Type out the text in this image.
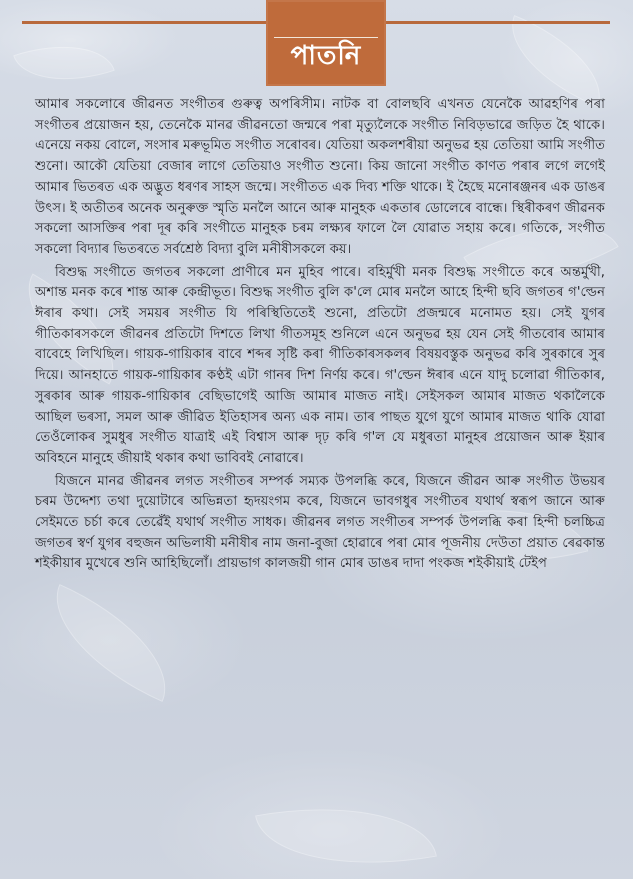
পাতনি

আমাৰ সকলোৰে জীৱনত সংগীতৰ গুৰুত্ব অপৰিসীম। নাটক বা বোলছবি এখনত যেনেকৈ আৱহণিৰ পৰা সংগীতৰ প্ৰয়োজন হয়, তেনেকৈ মানৱ জীৱনতো জন্মৰে পৰা মৃত্যুলৈকে সংগীত নিবিড়ভাৱে জড়িত হৈ থাকে। এনেয়ে নকয় বোলে, সংসাৰ মৰুভূমিত সংগীত সৰোবৰ। যেতিয়া অকলশৰীয়া অনুভৱ হয় তেতিয়া আমি সংগীত শুনো। আকৌ যেতিয়া বেজাৰ লাগে তেতিয়াও সংগীত শুনো। কিয় জানো সংগীত কাণত পৰাৰ লগে লগেই আমাৰ ভিতৰত এক অদ্ভুত ধৰণৰ সাহস জন্মে। সংগীতত এক দিব্য শক্তি থাকে। ই হৈছে মনোৰঞ্জনৰ এক ডাঙৰ উৎস। ই অতীতৰ অনেক অনুৰুক্ত স্মৃতি মনলৈ আনে আৰু মানুহক একতাৰ ডোলেৰে বান্ধে। স্থিৰীকৰণ জীৱনক সকলো আসক্তিৰ পৰা দূৰ কৰি সংগীতে মানুহক চৰম লক্ষ্যৰ ফালে লৈ যোৱাত সহায় কৰে। গতিকে, সংগীত সকলো বিদ্যাৰ ভিতৰতে সৰ্বশ্ৰেষ্ঠ বিদ্যা বুলি মনীষীসকলে কয়।

বিশুদ্ধ সংগীতে জগতৰ সকলো প্ৰাণীৰে মন মুহিব পাৰে। বহিৰ্মুখী মনক বিশুদ্ধ সংগীতে কৰে অন্তৰ্মুখী, অশান্ত মনক কৰে শান্ত আৰু কেন্দ্ৰীভূত। বিশুদ্ধ সংগীত বুলি ক'লে মোৰ মনলৈ আহে হিন্দী ছবি জগতৰ গ'ল্ডেন ঈৰাৰ কথা। সেই সময়ৰ সংগীত যি পৰিস্থিতিতেই শুনো, প্ৰতিটো প্ৰজন্মৰে মনোমত হয়। সেই যুগৰ গীতিকাৰসকলে জীৱনৰ প্ৰতিটো দিশতে লিখা গীতসমূহ শুনিলে এনে অনুভৱ হয় যেন সেই গীতবোৰ আমাৰ বাবেহে লিখিছিল। গায়ক-গায়িকাৰ বাবে শব্দৰ সৃষ্টি কৰা গীতিকাৰসকলৰ বিষয়বস্তুক অনুভৱ কৰি সুৰকাৰে সুৰ দিয়ে। আনহাতে গায়ক-গায়িকাৰ কণ্ঠই এটা গানৰ দিশ নিৰ্ণয় কৰে। গ'ল্ডেন ঈৰাৰ এনে যাদু চলোৱা গীতিকাৰ, সুৰকাৰ আৰু গায়ক-গায়িকাৰ বেছিভাগেই আজি আমাৰ মাজত নাই। সেইসকল আমাৰ মাজত থকালৈকে আছিল ভৰসা, সমল আৰু জীৱিত ইতিহাসৰ অন্য এক নাম। তাৰ পাছত যুগে যুগে আমাৰ মাজত থাকি যোৱা তেওঁলোকৰ সুমধুৰ সংগীত যাত্ৰাই এই বিশ্বাস আৰু দৃঢ় কৰি গ'ল যে মধুৰতা মানুহৰ প্ৰয়োজন আৰু ইয়াৰ অবিহনে মানুহে জীয়াই থকাৰ কথা ভাবিবই নোৱাৰে।

যিজনে মানৱ জীৱনৰ লগত সংগীতৰ সম্পৰ্ক সম্যক উপলব্ধি কৰে, যিজনে জীৱন আৰু সংগীত উভয়ৰ চৰম উদ্দেশ্য তথা দুয়োটাৰে অভিন্নতা হৃদয়ংগম কৰে, যিজনে ভাবগধুৰ সংগীতৰ যথাৰ্থ স্বৰূপ জানে আৰু সেইমতে চৰ্চা কৰে তেৱেঁই যথাৰ্থ সংগীত সাধক। জীৱনৰ লগত সংগীতৰ সম্পৰ্ক উপলব্ধি কৰা হিন্দী চলচ্চিত্ৰ জগতৰ স্বৰ্ণ যুগৰ বহুজন অভিলাষী মনীষীৰ নাম জনা-বুজা হোৱাৰে পৰা মোৰ পূজনীয় দেউতা প্ৰয়াত ৰেৱকান্ত শইকীয়াৰ মুখেৰে শুনি আহিছিলোঁ। প্ৰায়ভাগ কালজয়ী গান মোৰ ডাঙৰ দাদা পংকজ শইকীয়াই টেইপ
